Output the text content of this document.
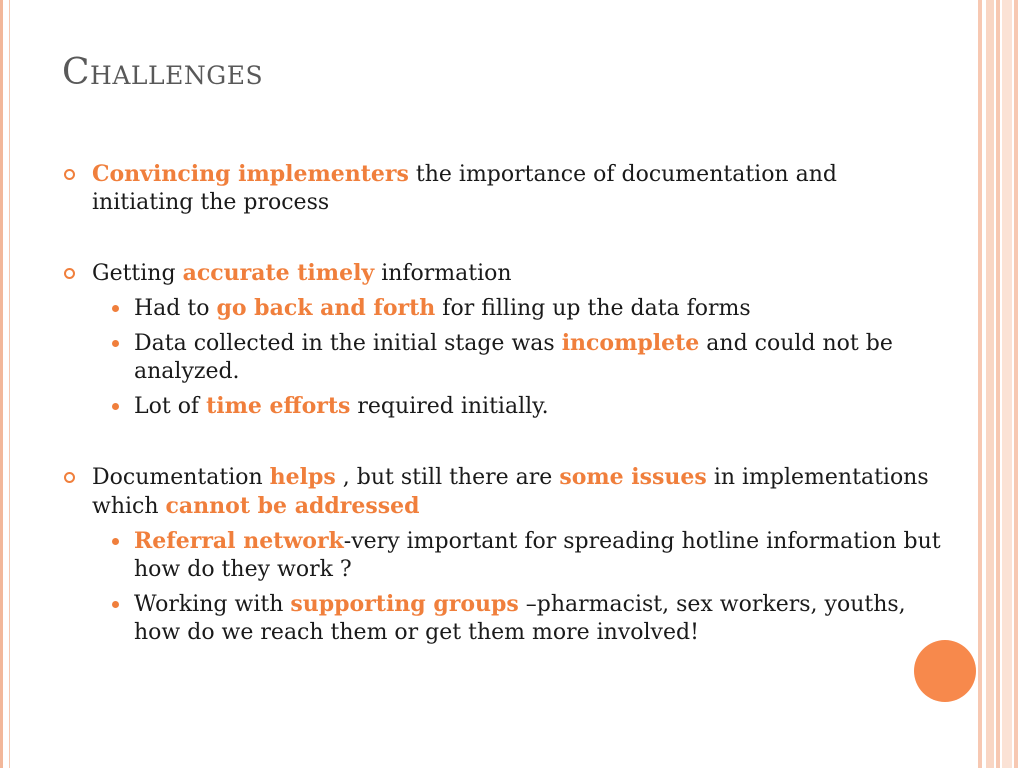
Challenges
Convincing implementers the importance of documentation and initiating the process
Getting accurate timely information
Had to go back and forth for filling up the data forms
Data collected in the initial stage was incomplete and could not be analyzed.
Lot of time efforts required initially.
Documentation helps , but still there are some issues in implementations which cannot be addressed
Referral network-very important for spreading hotline information but how do they work ?
Working with supporting groups –pharmacist, sex workers, youths, how do we reach them or get them more involved!
